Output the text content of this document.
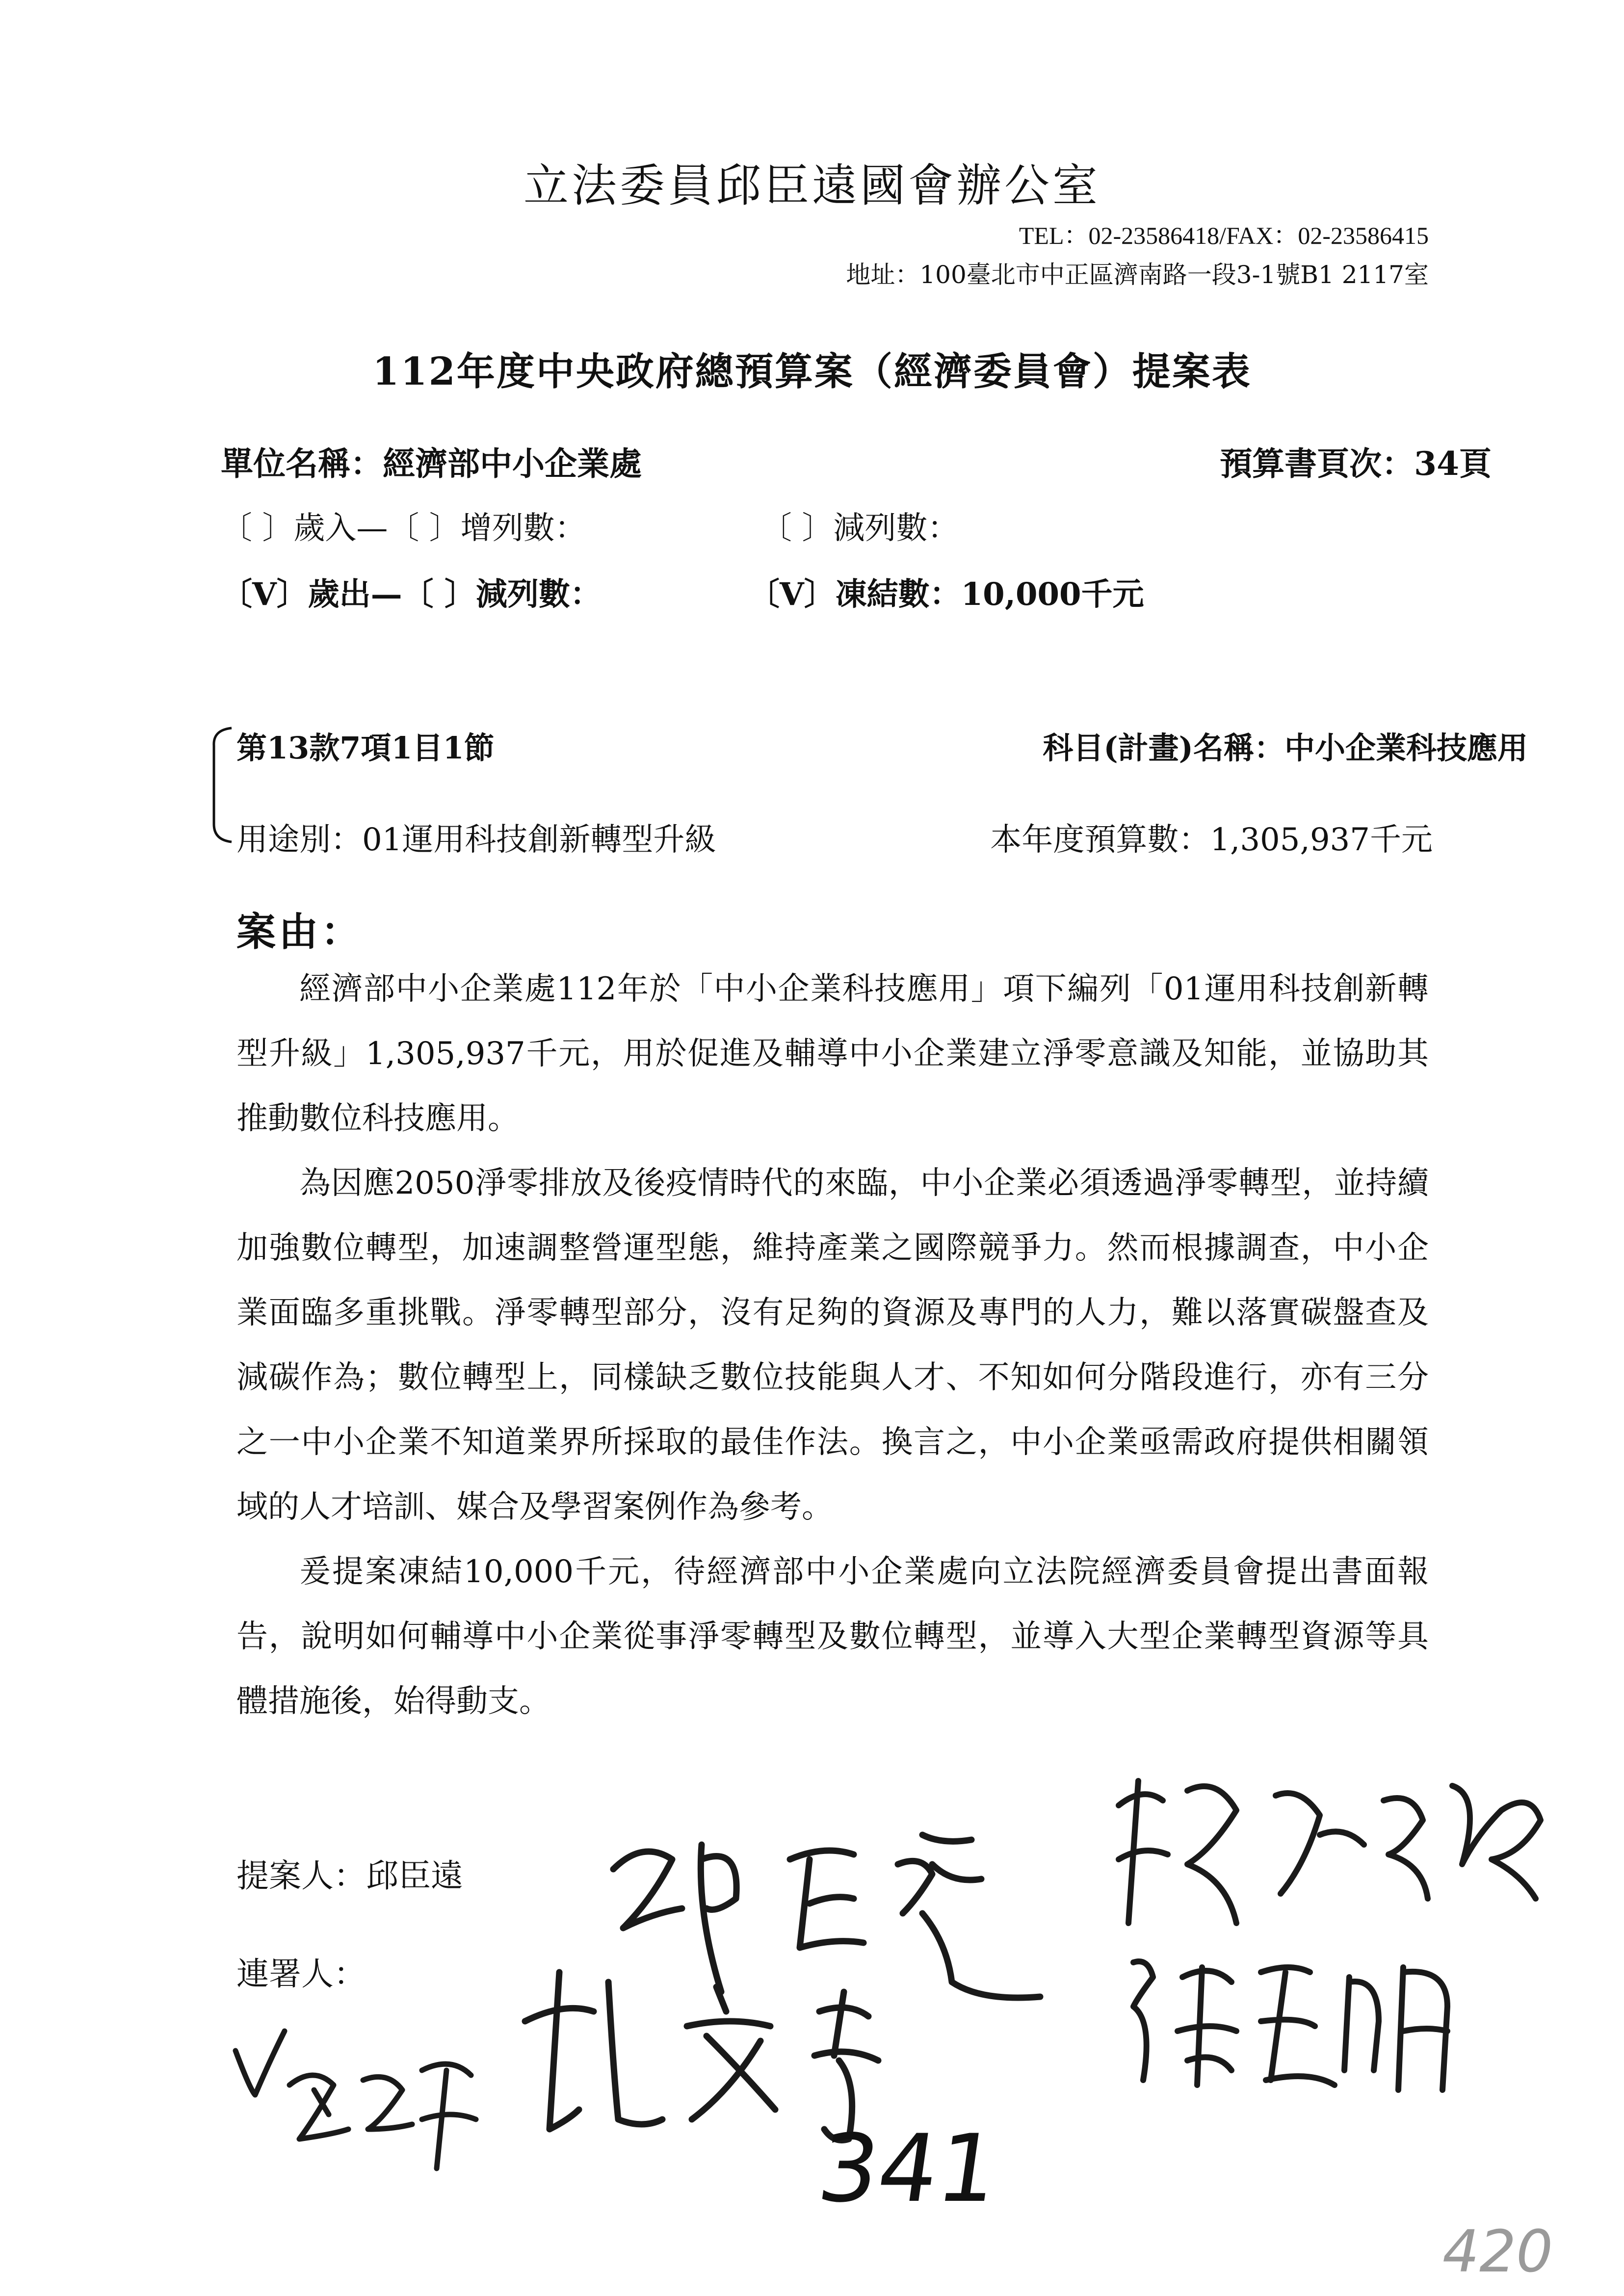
立法委員邱臣遠國會辦公室
TEL：02-23586418/FAX：02-23586415
地址：100臺北市中正區濟南路一段3-1號B1 2117室
112年度中央政府總預算案（經濟委員會）提案表
單位名稱：經濟部中小企業處	預算書頁次：34頁
〔 〕歲入—〔 〕增列數：	〔 〕減列數：
〔V〕歲出—〔 〕減列數：	〔V〕凍結數：10,000千元
第13款7項1目1節	科目(計畫)名稱：中小企業科技應用
用途別：01運用科技創新轉型升級	本年度預算數：1,305,937千元
案由：

經濟部中小企業處112年於「中小企業科技應用」項下編列「01運用科技創新轉型升級」1,305,937千元，用於促進及輔導中小企業建立淨零意識及知能，並協助其推動數位科技應用。

為因應2050淨零排放及後疫情時代的來臨，中小企業必須透過淨零轉型，並持續加強數位轉型，加速調整營運型態，維持產業之國際競爭力。然而根據調查，中小企業面臨多重挑戰。淨零轉型部分，沒有足夠的資源及專門的人力，難以落實碳盤查及減碳作為；數位轉型上，同樣缺乏數位技能與人才、不知如何分階段進行，亦有三分之一中小企業不知道業界所採取的最佳作法。換言之，中小企業亟需政府提供相關領域的人才培訓、媒合及學習案例作為參考。

爰提案凍結10,000千元，待經濟部中小企業處向立法院經濟委員會提出書面報告，說明如何輔導中小企業從事淨零轉型及數位轉型，並導入大型企業轉型資源等具體措施後，始得動支。

提案人：邱臣遠
連署人：
341
420
